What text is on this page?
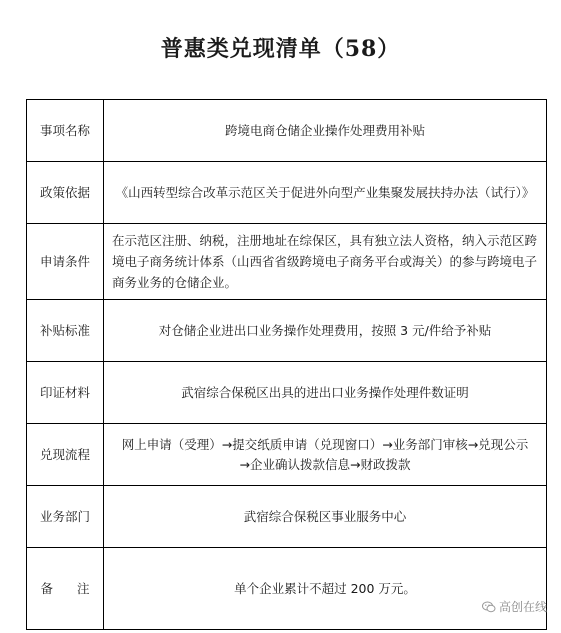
普惠类兑现清单（58）
事项名称	跨境电商仓储企业操作处理费用补贴
政策依据	《山西转型综合改革示范区关于促进外向型产业集聚发展扶持办法（试行）》
申请条件	在示范区注册、纳税，注册地址在综保区，具有独立法人资格，纳入示范区跨境电子商务统计体系（山西省省级跨境电子商务平台或海关）的参与跨境电子商务业务的仓储企业。
补贴标准	对仓储企业进出口业务操作处理费用，按照 3 元/件给予补贴
印证材料	武宿综合保税区出具的进出口业务操作处理件数证明
兑现流程	网上申请（受理）→提交纸质申请（兑现窗口）→业务部门审核→兑现公示
→企业确认拨款信息→财政拨款

业务部门	武宿综合保税区事业服务中心
备 注	单个企业累计不超过 200 万元。
高创在线
